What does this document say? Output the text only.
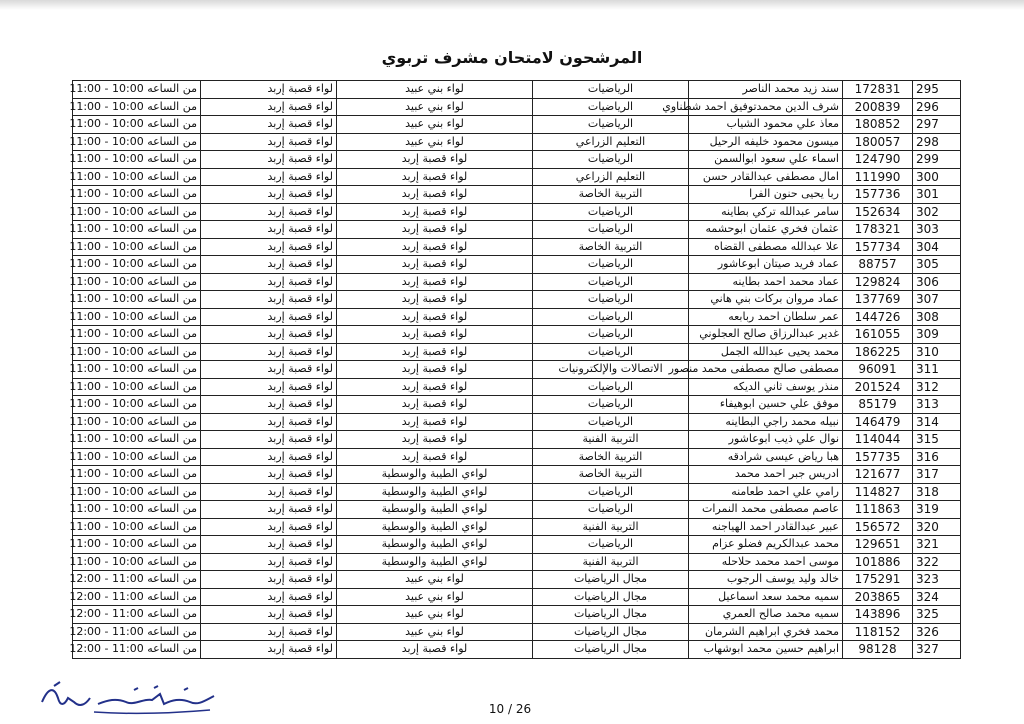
المرشحون لامتحان مشرف تربوي
من الساعه 10:00 - 11:00	لواء قصبة إربد	لواء بني عبيد	الرياضيات	سند زيد محمد الناصر	172831	295
من الساعه 10:00 - 11:00	لواء قصبة إربد	لواء بني عبيد	الرياضيات	شرف الدين محمدتوفيق احمد شطناوي	200839	296
من الساعه 10:00 - 11:00	لواء قصبة إربد	لواء بني عبيد	الرياضيات	معاذ علي محمود الشياب	180852	297
من الساعه 10:00 - 11:00	لواء قصبة إربد	لواء بني عبيد	التعليم الزراعي	ميسون محمود خليفه الرحيل	180057	298
من الساعه 10:00 - 11:00	لواء قصبة إربد	لواء قصبة إربد	الرياضيات	اسماء علي سعود ابوالسمن	124790	299
من الساعه 10:00 - 11:00	لواء قصبة إربد	لواء قصبة إربد	التعليم الزراعي	امال مصطفى عبدالقادر حسن	111990	300
من الساعه 10:00 - 11:00	لواء قصبة إربد	لواء قصبة إربد	التربية الخاصة	ربا يحيى حنون الفرا	157736	301
من الساعه 10:00 - 11:00	لواء قصبة إربد	لواء قصبة إربد	الرياضيات	سامر عبدالله تركي بطاينه	152634	302
من الساعه 10:00 - 11:00	لواء قصبة إربد	لواء قصبة إربد	الرياضيات	عثمان فخري عثمان ابوحشمه	178321	303
من الساعه 10:00 - 11:00	لواء قصبة إربد	لواء قصبة إربد	التربية الخاصة	علا عبدالله مصطفى القضاه	157734	304
من الساعه 10:00 - 11:00	لواء قصبة إربد	لواء قصبة إربد	الرياضيات	عماد فريد صيتان ابوعاشور	88757	305
من الساعه 10:00 - 11:00	لواء قصبة إربد	لواء قصبة إربد	الرياضيات	عماد محمد احمد بطاينه	129824	306
من الساعه 10:00 - 11:00	لواء قصبة إربد	لواء قصبة إربد	الرياضيات	عماد مروان بركات بني هاني	137769	307
من الساعه 10:00 - 11:00	لواء قصبة إربد	لواء قصبة إربد	الرياضيات	عمر سلطان احمد ربابعه	144726	308
من الساعه 10:00 - 11:00	لواء قصبة إربد	لواء قصبة إربد	الرياضيات	غدير عبدالرزاق صالح العجلوني	161055	309
من الساعه 10:00 - 11:00	لواء قصبة إربد	لواء قصبة إربد	الرياضيات	محمد يحيى عبدالله الجمل	186225	310
من الساعه 10:00 - 11:00	لواء قصبة إربد	لواء قصبة إربد	الاتصالات والإلكترونيات	مصطفى صالح مصطفى محمد منصور	96091	311
من الساعه 10:00 - 11:00	لواء قصبة إربد	لواء قصبة إربد	الرياضيات	منذر يوسف ثاني الديكه	201524	312
من الساعه 10:00 - 11:00	لواء قصبة إربد	لواء قصبة إربد	الرياضيات	موفق علي حسين ابوهيفاء	85179	313
من الساعه 10:00 - 11:00	لواء قصبة إربد	لواء قصبة إربد	الرياضيات	نبيله محمد راجي البطاينه	146479	314
من الساعه 10:00 - 11:00	لواء قصبة إربد	لواء قصبة إربد	التربية الفنية	نوال علي ذيب ابوعاشور	114044	315
من الساعه 10:00 - 11:00	لواء قصبة إربد	لواء قصبة إربد	التربية الخاصة	هبا رياض عيسى شرادقه	157735	316
من الساعه 10:00 - 11:00	لواء قصبة إربد	لواءي الطيبة والوسطية	التربية الخاصة	ادريس جبر احمد محمد	121677	317
من الساعه 10:00 - 11:00	لواء قصبة إربد	لواءي الطيبة والوسطية	الرياضيات	رامي علي احمد طعامنه	114827	318
من الساعه 10:00 - 11:00	لواء قصبة إربد	لواءي الطيبة والوسطية	الرياضيات	عاصم مصطفى محمد النمرات	111863	319
من الساعه 10:00 - 11:00	لواء قصبة إربد	لواءي الطيبة والوسطية	التربية الفنية	عبير عبدالقادر احمد الهياجنه	156572	320
من الساعه 10:00 - 11:00	لواء قصبة إربد	لواءي الطيبة والوسطية	الرياضيات	محمد عبدالكريم فضلو عزام	129651	321
من الساعه 10:00 - 11:00	لواء قصبة إربد	لواءي الطيبة والوسطية	التربية الفنية	موسى احمد محمد حلاحله	101886	322
من الساعه 11:00 - 12:00	لواء قصبة إربد	لواء بني عبيد	مجال الرياضيات	خالد وليد يوسف الرجوب	175291	323
من الساعه 11:00 - 12:00	لواء قصبة إربد	لواء بني عبيد	مجال الرياضيات	سميه محمد سعد اسماعيل	203865	324
من الساعه 11:00 - 12:00	لواء قصبة إربد	لواء بني عبيد	مجال الرياضيات	سميه محمد صالح العمري	143896	325
من الساعه 11:00 - 12:00	لواء قصبة إربد	لواء بني عبيد	مجال الرياضيات	محمد فخري ابراهيم الشرمان	118152	326
من الساعه 11:00 - 12:00	لواء قصبة إربد	لواء قصبة إربد	مجال الرياضيات	ابراهيم حسين محمد ابوشهاب	98128	327
10 / 26
